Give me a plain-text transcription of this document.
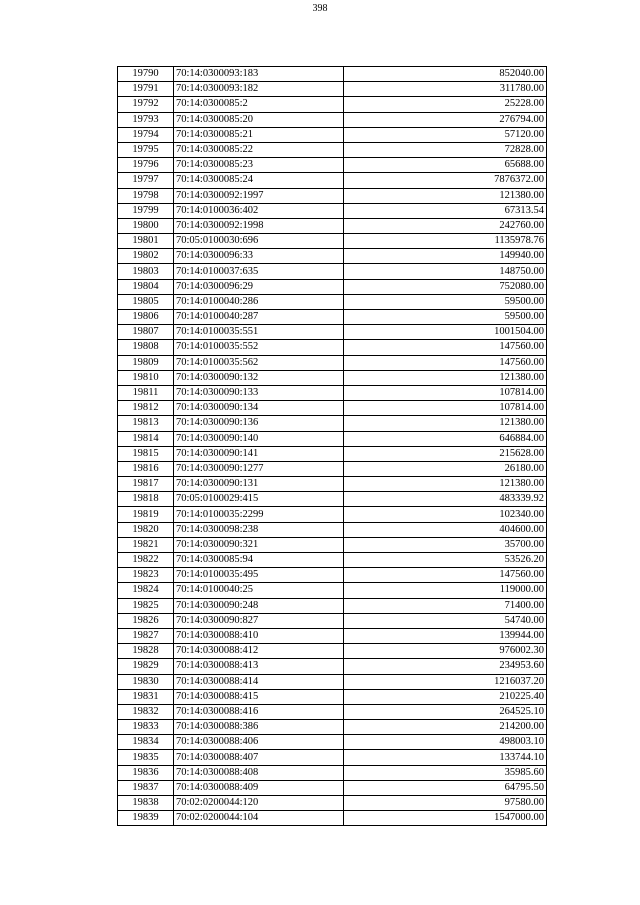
398
19790	70:14:0300093:183	852040.00
19791	70:14:0300093:182	311780.00
19792	70:14:0300085:2	25228.00
19793	70:14:0300085:20	276794.00
19794	70:14:0300085:21	57120.00
19795	70:14:0300085:22	72828.00
19796	70:14:0300085:23	65688.00
19797	70:14:0300085:24	7876372.00
19798	70:14:0300092:1997	121380.00
19799	70:14:0100036:402	67313.54
19800	70:14:0300092:1998	242760.00
19801	70:05:0100030:696	1135978.76
19802	70:14:0300096:33	149940.00
19803	70:14:0100037:635	148750.00
19804	70:14:0300096:29	752080.00
19805	70:14:0100040:286	59500.00
19806	70:14:0100040:287	59500.00
19807	70:14:0100035:551	1001504.00
19808	70:14:0100035:552	147560.00
19809	70:14:0100035:562	147560.00
19810	70:14:0300090:132	121380.00
19811	70:14:0300090:133	107814.00
19812	70:14:0300090:134	107814.00
19813	70:14:0300090:136	121380.00
19814	70:14:0300090:140	646884.00
19815	70:14:0300090:141	215628.00
19816	70:14:0300090:1277	26180.00
19817	70:14:0300090:131	121380.00
19818	70:05:0100029:415	483339.92
19819	70:14:0100035:2299	102340.00
19820	70:14:0300098:238	404600.00
19821	70:14:0300090:321	35700.00
19822	70:14:0300085:94	53526.20
19823	70:14:0100035:495	147560.00
19824	70:14:0100040:25	119000.00
19825	70:14:0300090:248	71400.00
19826	70:14:0300090:827	54740.00
19827	70:14:0300088:410	139944.00
19828	70:14:0300088:412	976002.30
19829	70:14:0300088:413	234953.60
19830	70:14:0300088:414	1216037.20
19831	70:14:0300088:415	210225.40
19832	70:14:0300088:416	264525.10
19833	70:14:0300088:386	214200.00
19834	70:14:0300088:406	498003.10
19835	70:14:0300088:407	133744.10
19836	70:14:0300088:408	35985.60
19837	70:14:0300088:409	64795.50
19838	70:02:0200044:120	97580.00
19839	70:02:0200044:104	1547000.00
